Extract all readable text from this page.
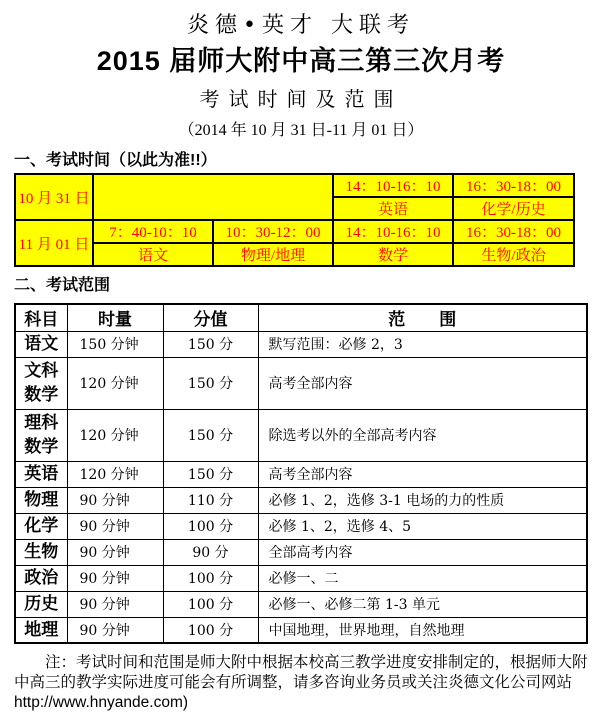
炎德•英才 大联考
2015 届师大附中高三第三次月考
考试时间及范围
（2014 年 10 月 31 日-11 月 01 日）
一、考试时间（以此为准!!）
10 月 31 日			14：10-16：10	16：30-18：00
			英语	化学/历史
11 月 01 日	7：40-10：10	10：30-12：00	14：10-16：10	16：30-18：00
	语文	物理/地理	数学	生物/政治
二、考试范围
科目	时量	分值	范　　围
语文	150 分钟	150 分	默写范围：必修 2，3
文科数学	120 分钟	150 分	高考全部内容
理科数学	120 分钟	150 分	除选考以外的全部高考内容
英语	120 分钟	150 分	高考全部内容
物理	90 分钟	110 分	必修 1、2，选修 3-1 电场的力的性质
化学	90 分钟	100 分	必修 1、2，选修 4、5
生物	90 分钟	90 分	全部高考内容
政治	90 分钟	100 分	必修一、二
历史	90 分钟	100 分	必修一、必修二第 1-3 单元
地理	90 分钟	100 分	中国地理，世界地理，自然地理
注：考试时间和范围是师大附中根据本校高三教学进度安排制定的，根据师大附中高三的教学实际进度可能会有所调整，请多咨询业务员或关注炎德文化公司网站 http://www.hnyande.com)
